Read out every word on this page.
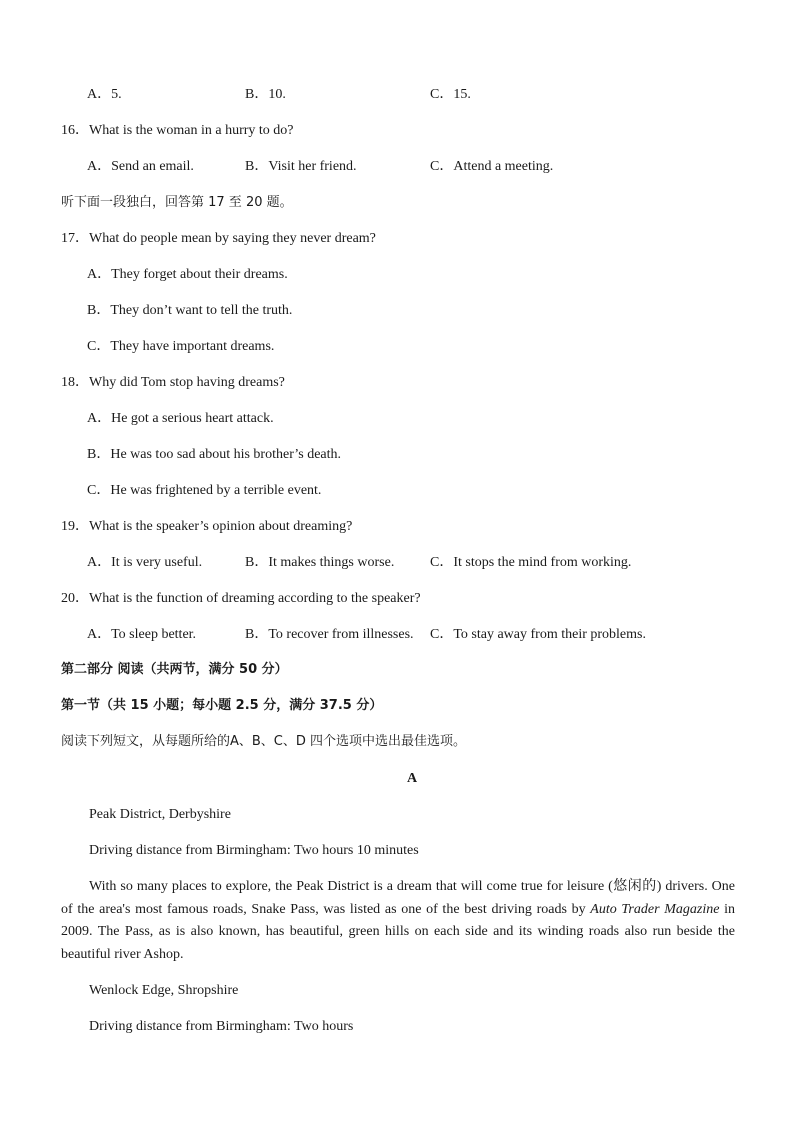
A．5.	B．10.	C．15.
16．What is the woman in a hurry to do?
A．Send an email.	B．Visit her friend.	C．Attend a meeting.
听下面一段独白，回答第 17 至 20 题。
17．What do people mean by saying they never dream?
A．They forget about their dreams.
B．They don’t want to tell the truth.
C．They have important dreams.
18．Why did Tom stop having dreams?
A．He got a serious heart attack.
B．He was too sad about his brother’s death.
C．He was frightened by a terrible event.
19．What is the speaker’s opinion about dreaming?
A．It is very useful.	B．It makes things worse.	C．It stops the mind from working.
20．What is the function of dreaming according to the speaker?
A．To sleep better.	B．To recover from illnesses. C．To stay away from their problems.
第二部分 阅读（共两节，满分 50 分）
第一节（共 15 小题；每小题 2.5 分，满分 37.5 分）
阅读下列短文，从每题所给的A、B、C、D 四个选项中选出最佳选项。
A
Peak District, Derbyshire
Driving distance from Birmingham: Two hours 10 minutes
With so many places to explore, the Peak District is a dream that will come true for leisure (悠闲的) drivers. One of the area's most famous roads, Snake Pass, was listed as one of the best driving roads by Auto Trader Magazine in 2009. The Pass, as is also known, has beautiful, green hills on each side and its winding roads also run beside the beautiful river Ashop.
Wenlock Edge, Shropshire
Driving distance from Birmingham: Two hours
